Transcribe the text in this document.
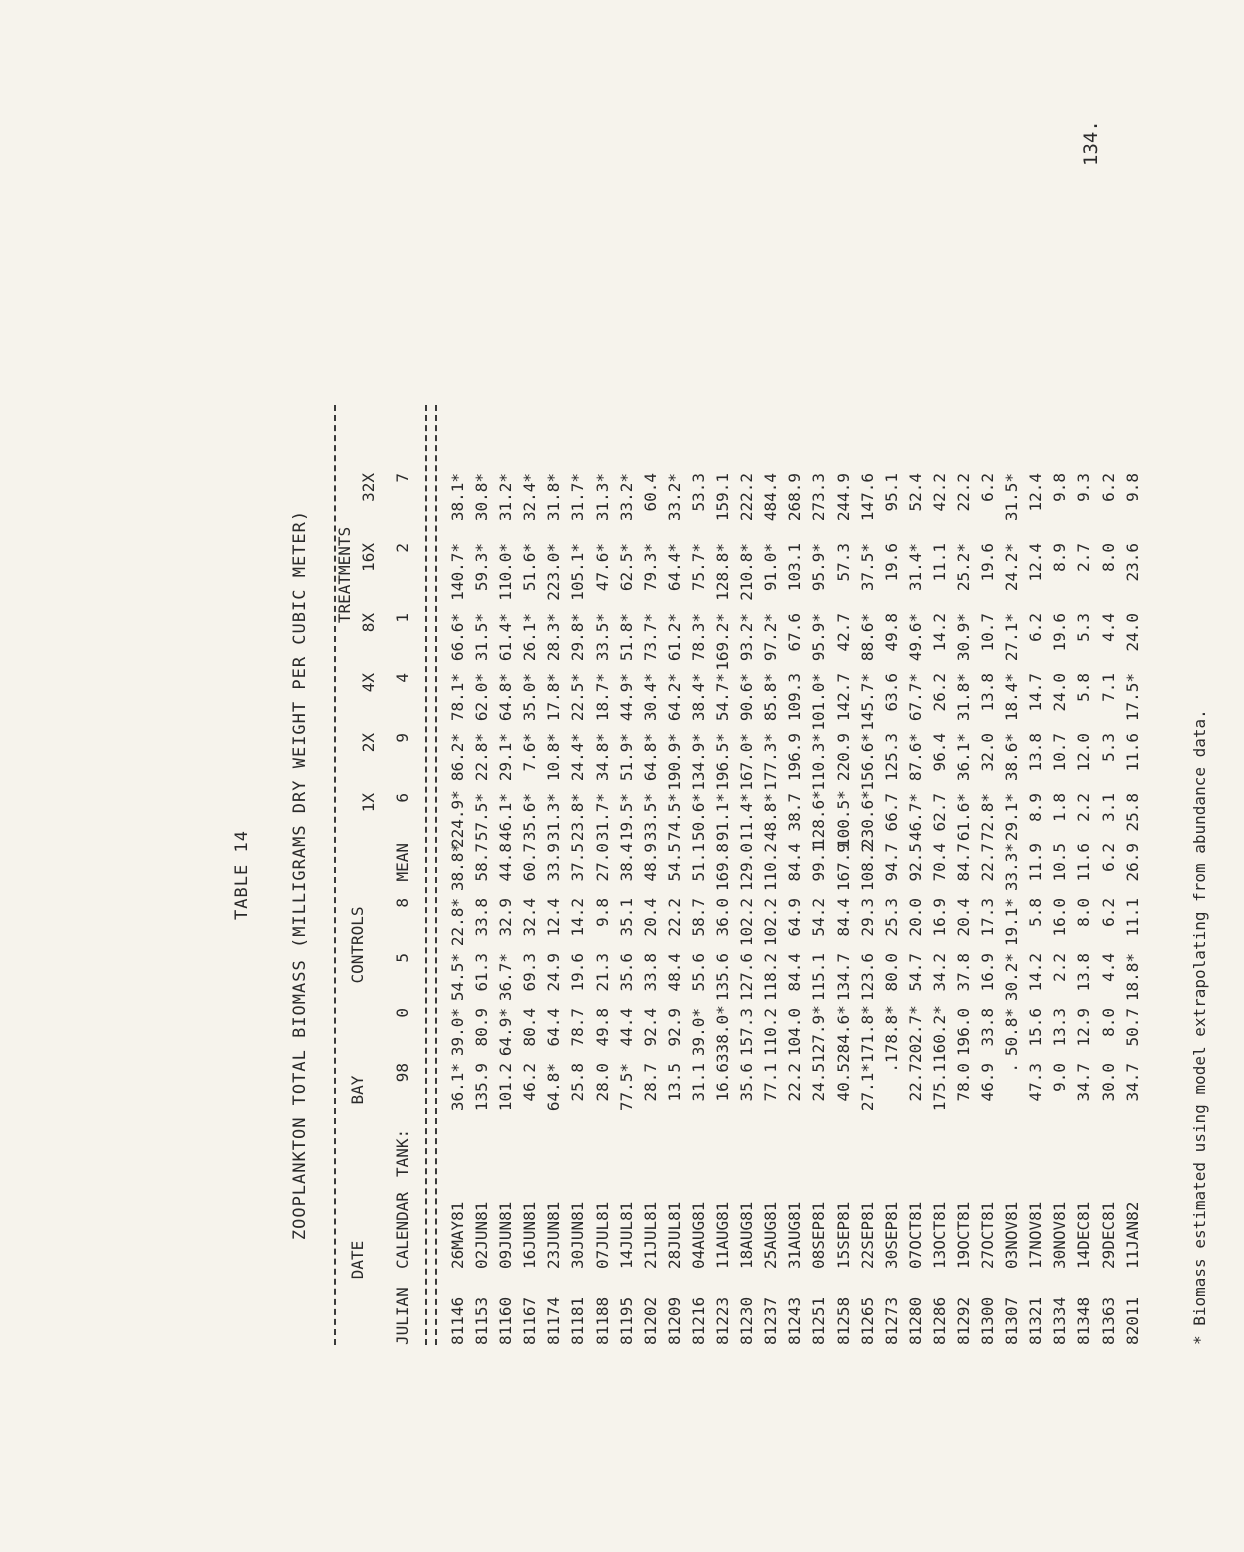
134.
TABLE 14 ZOOPLANKTON TOTAL BIOMASS (MILLIGRAMS DRY WEIGHT PER CUBIC METER)
DATE
BAY
CONTROLS
TREATMENTS
1X
2X
4X
8X
16X
32X
JULIAN
CALENDAR
TANK:
98
0
5
8
MEAN
6
9
4
1
2
7
81146
26MAY81
36.1*
39.0*
54.5*
22.8*
38.8*
224.9*
86.2*
78.1*
66.6*
140.7*
38.1*
81153
02JUN81
135.9
80.9
61.3
33.8
58.7
57.5*
22.8*
62.0*
31.5*
59.3*
30.8*
81160
09JUN81
101.2
64.9*
36.7*
32.9
44.8
46.1*
29.1*
64.8*
61.4*
110.0*
31.2*
81167
16JUN81
46.2
80.4
69.3
32.4
60.7
35.6*
7.6*
35.0*
26.1*
51.6*
32.4*
81174
23JUN81
64.8*
64.4
24.9
12.4
33.9
31.3*
10.8*
17.8*
28.3*
223.0*
31.8*
81181
30JUN81
25.8
78.7
19.6
14.2
37.5
23.8*
24.4*
22.5*
29.8*
105.1*
31.7*
81188
07JUL81
28.0
49.8
21.3
9.8
27.0
31.7*
34.8*
18.7*
33.5*
47.6*
31.3*
81195
14JUL81
77.5*
44.4
35.6
35.1
38.4
19.5*
51.9*
44.9*
51.8*
62.5*
33.2*
81202
21JUL81
28.7
92.4
33.8
20.4
48.9
33.5*
64.8*
30.4*
73.7*
79.3*
60.4
81209
28JUL81
13.5
92.9
48.4
22.2
54.5
74.5*
190.9*
64.2*
61.2*
64.4*
33.2*
81216
04AUG81
31.1
39.0*
55.6
58.7
51.1
50.6*
134.9*
38.4*
78.3*
75.7*
53.3
81223
11AUG81
16.6
338.0*
135.6
36.0
169.8
91.1*
196.5*
54.7*
169.2*
128.8*
159.1
81230
18AUG81
35.6
157.3
127.6
102.2
129.0
11.4*
167.0*
90.6*
93.2*
210.8*
222.2
81237
25AUG81
77.1
110.2
118.2
102.2
110.2
48.8*
177.3*
85.8*
97.2*
91.0*
484.4
81243
31AUG81
22.2
104.0
84.4
64.9
84.4
38.7
196.9
109.3
67.6
103.1
268.9
81251
08SEP81
24.5
127.9*
115.1
54.2
99.1
128.6*
110.3*
101.0*
95.9*
95.9*
273.3
81258
15SEP81
40.5
284.6*
134.7
84.4
167.9
100.5*
220.9
142.7
42.7
57.3
244.9
81265
22SEP81
27.1*
171.8*
123.6
29.3
108.2
230.6*
156.6*
145.7*
88.6*
37.5*
147.6
81273
30SEP81
.
178.8*
80.0
25.3
94.7
66.7
125.3
63.6
49.8
19.6
95.1
81280
07OCT81
22.7
202.7*
54.7
20.0
92.5
46.7*
87.6*
67.7*
49.6*
31.4*
52.4
81286
13OCT81
175.1
160.2*
34.2
16.9
70.4
62.7
96.4
26.2
14.2
11.1
42.2
81292
19OCT81
78.0
196.0
37.8
20.4
84.7
61.6*
36.1*
31.8*
30.9*
25.2*
22.2
81300
27OCT81
46.9
33.8
16.9
17.3
22.7
72.8*
32.0
13.8
10.7
19.6
6.2
81307
03NOV81
.
50.8*
30.2*
19.1*
33.3*
29.1*
38.6*
18.4*
27.1*
24.2*
31.5*
81321
17NOV81
47.3
15.6
14.2
5.8
11.9
8.9
13.8
14.7
6.2
12.4
12.4
81334
30NOV81
9.0
13.3
2.2
16.0
10.5
1.8
10.7
24.0
19.6
8.9
9.8
81348
14DEC81
34.7
12.9
13.8
8.0
11.6
2.2
12.0
5.8
5.3
2.7
9.3
81363
29DEC81
30.0
8.0
4.4
6.2
6.2
3.1
5.3
7.1
4.4
8.0
6.2
82011
11JAN82
34.7
50.7
18.8*
11.1
26.9
25.8
11.6
17.5*
24.0
23.6
9.8
* Biomass estimated using model extrapolating from abundance data.
